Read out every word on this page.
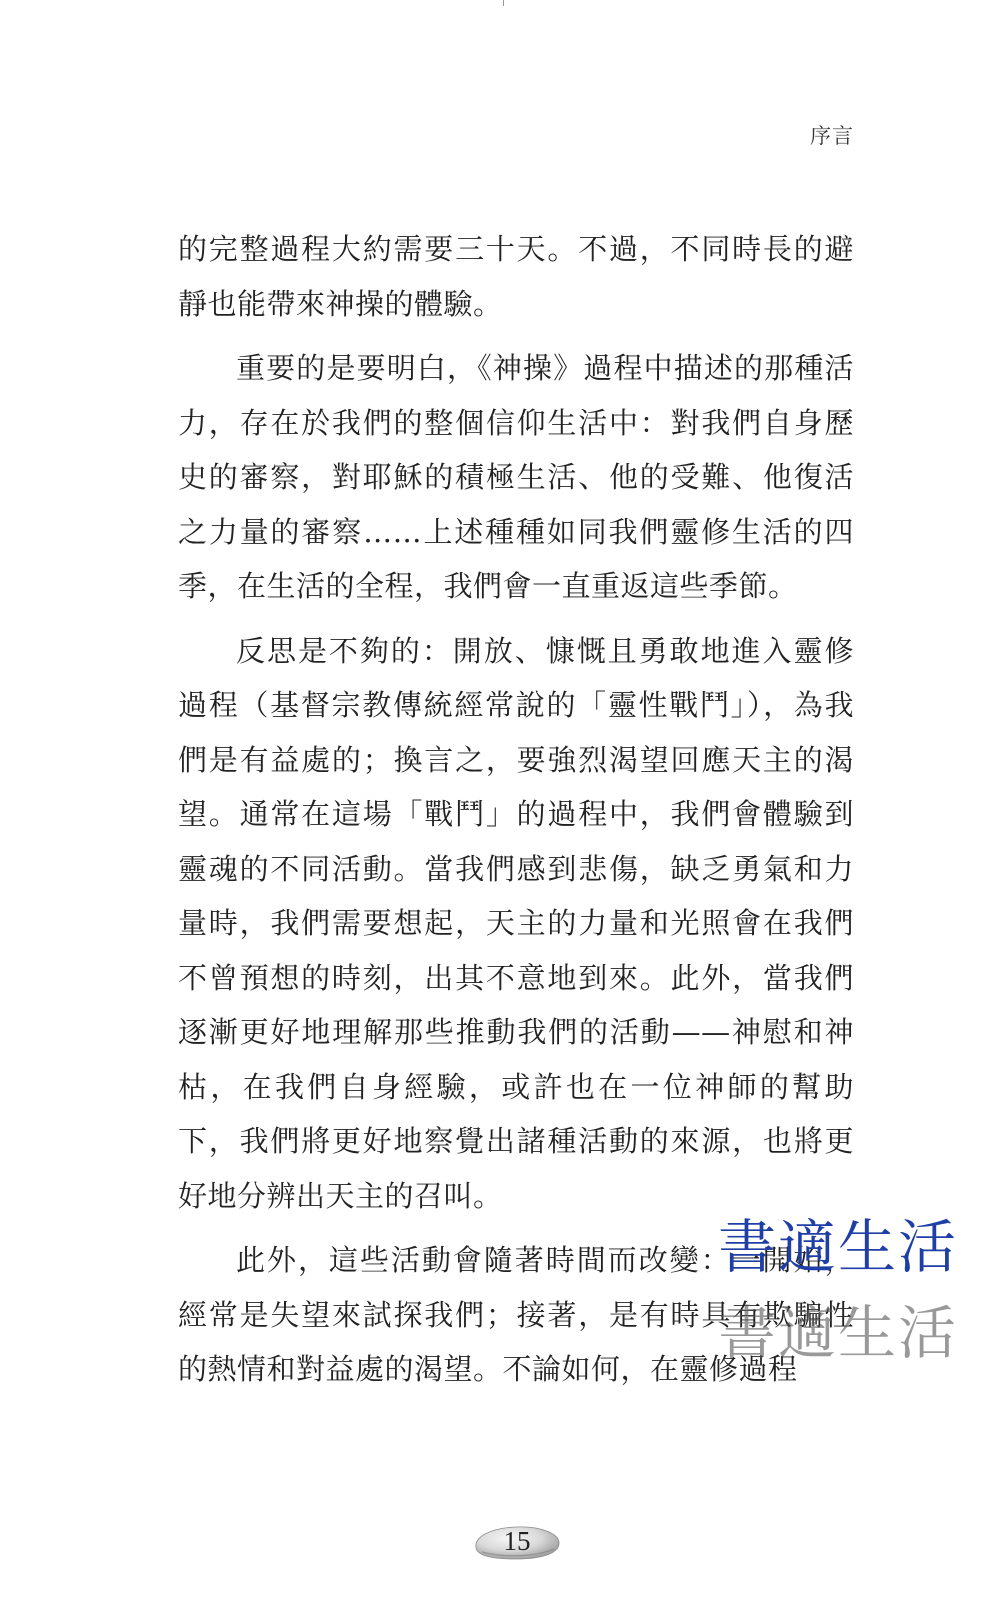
序言

的完整過程大約需要三十天。不過，不同時長的避靜也能帶來神操的體驗。

重要的是要明白，《神操》過程中描述的那種活力，存在於我們的整個信仰生活中：對我們自身歷史的審察，對耶穌的積極生活、他的受難、他復活之力量的審察……上述種種如同我們靈修生活的四季，在生活的全程，我們會一直重返這些季節。

反思是不夠的：開放、慷慨且勇敢地進入靈修過程（基督宗教傳統經常說的「靈性戰鬥」），為我們是有益處的；換言之，要強烈渴望回應天主的渴望。通常在這場「戰鬥」的過程中，我們會體驗到靈魂的不同活動。當我們感到悲傷，缺乏勇氣和力量時，我們需要想起，天主的力量和光照會在我們不曾預想的時刻，出其不意地到來。此外，當我們逐漸更好地理解那些推動我們的活動——神慰和神枯，在我們自身經驗，或許也在一位神師的幫助下，我們將更好地察覺出諸種活動的來源，也將更好地分辨出天主的召叫。

此外，這些活動會隨著時間而改變：一開始，經常是失望來試探我們；接著，是有時具有欺騙性的熱情和對益處的渴望。不論如何，在靈修過程

書適生活
書適生活
15
